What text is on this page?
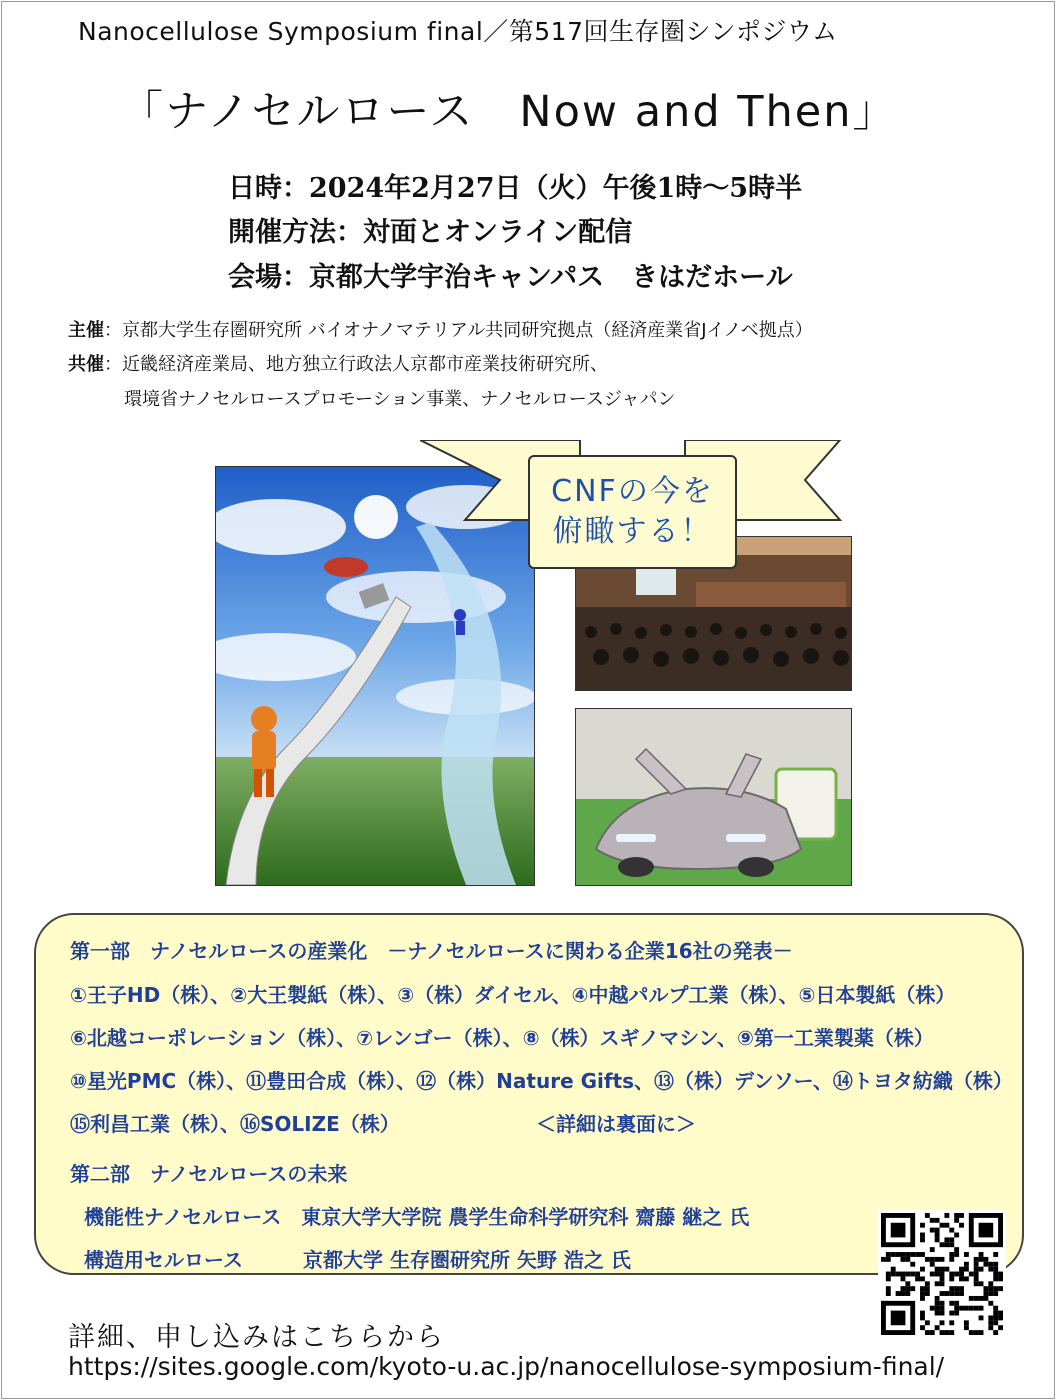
Nanocellulose Symposium final／第517回生存圏シンポジウム
「ナノセルロース　Now and Then」
日時：2024年2月27日（火）午後1時～5時半
開催方法：対面とオンライン配信
会場：京都大学宇治キャンパス　きはだホール
主催：京都大学生存圏研究所 バイオナノマテリアル共同研究拠点（経済産業省Jイノベ拠点）
共催：近畿経済産業局、地方独立行政法人京都市産業技術研究所、
環境省ナノセルロースプロモーション事業、ナノセルロースジャパン
CNFの今を
俯瞰する！
第一部　ナノセルロースの産業化　－ナノセルロースに関わる企業16社の発表－
①王子HD（株）、②大王製紙（株）、③（株）ダイセル、④中越パルプ工業（株）、⑤日本製紙（株）
⑥北越コーポレーション（株）、⑦レンゴー（株）、⑧（株）スギノマシン、⑨第一工業製薬（株）
⑩星光PMC（株）、⑪豊田合成（株）、⑫（株）Nature Gifts、⑬（株）デンソー、⑭トヨタ紡織（株）
⑮利昌工業（株）、⑯SOLIZE（株）	＜詳細は裏面に＞
第二部　ナノセルロースの未来
機能性ナノセルロース　東京大学大学院 農学生命科学研究科 齋藤 継之 氏
構造用セルロース　　　京都大学 生存圏研究所 矢野 浩之 氏
詳細、申し込みはこちらから
https://sites.google.com/kyoto-u.ac.jp/nanocellulose-symposium-final/
